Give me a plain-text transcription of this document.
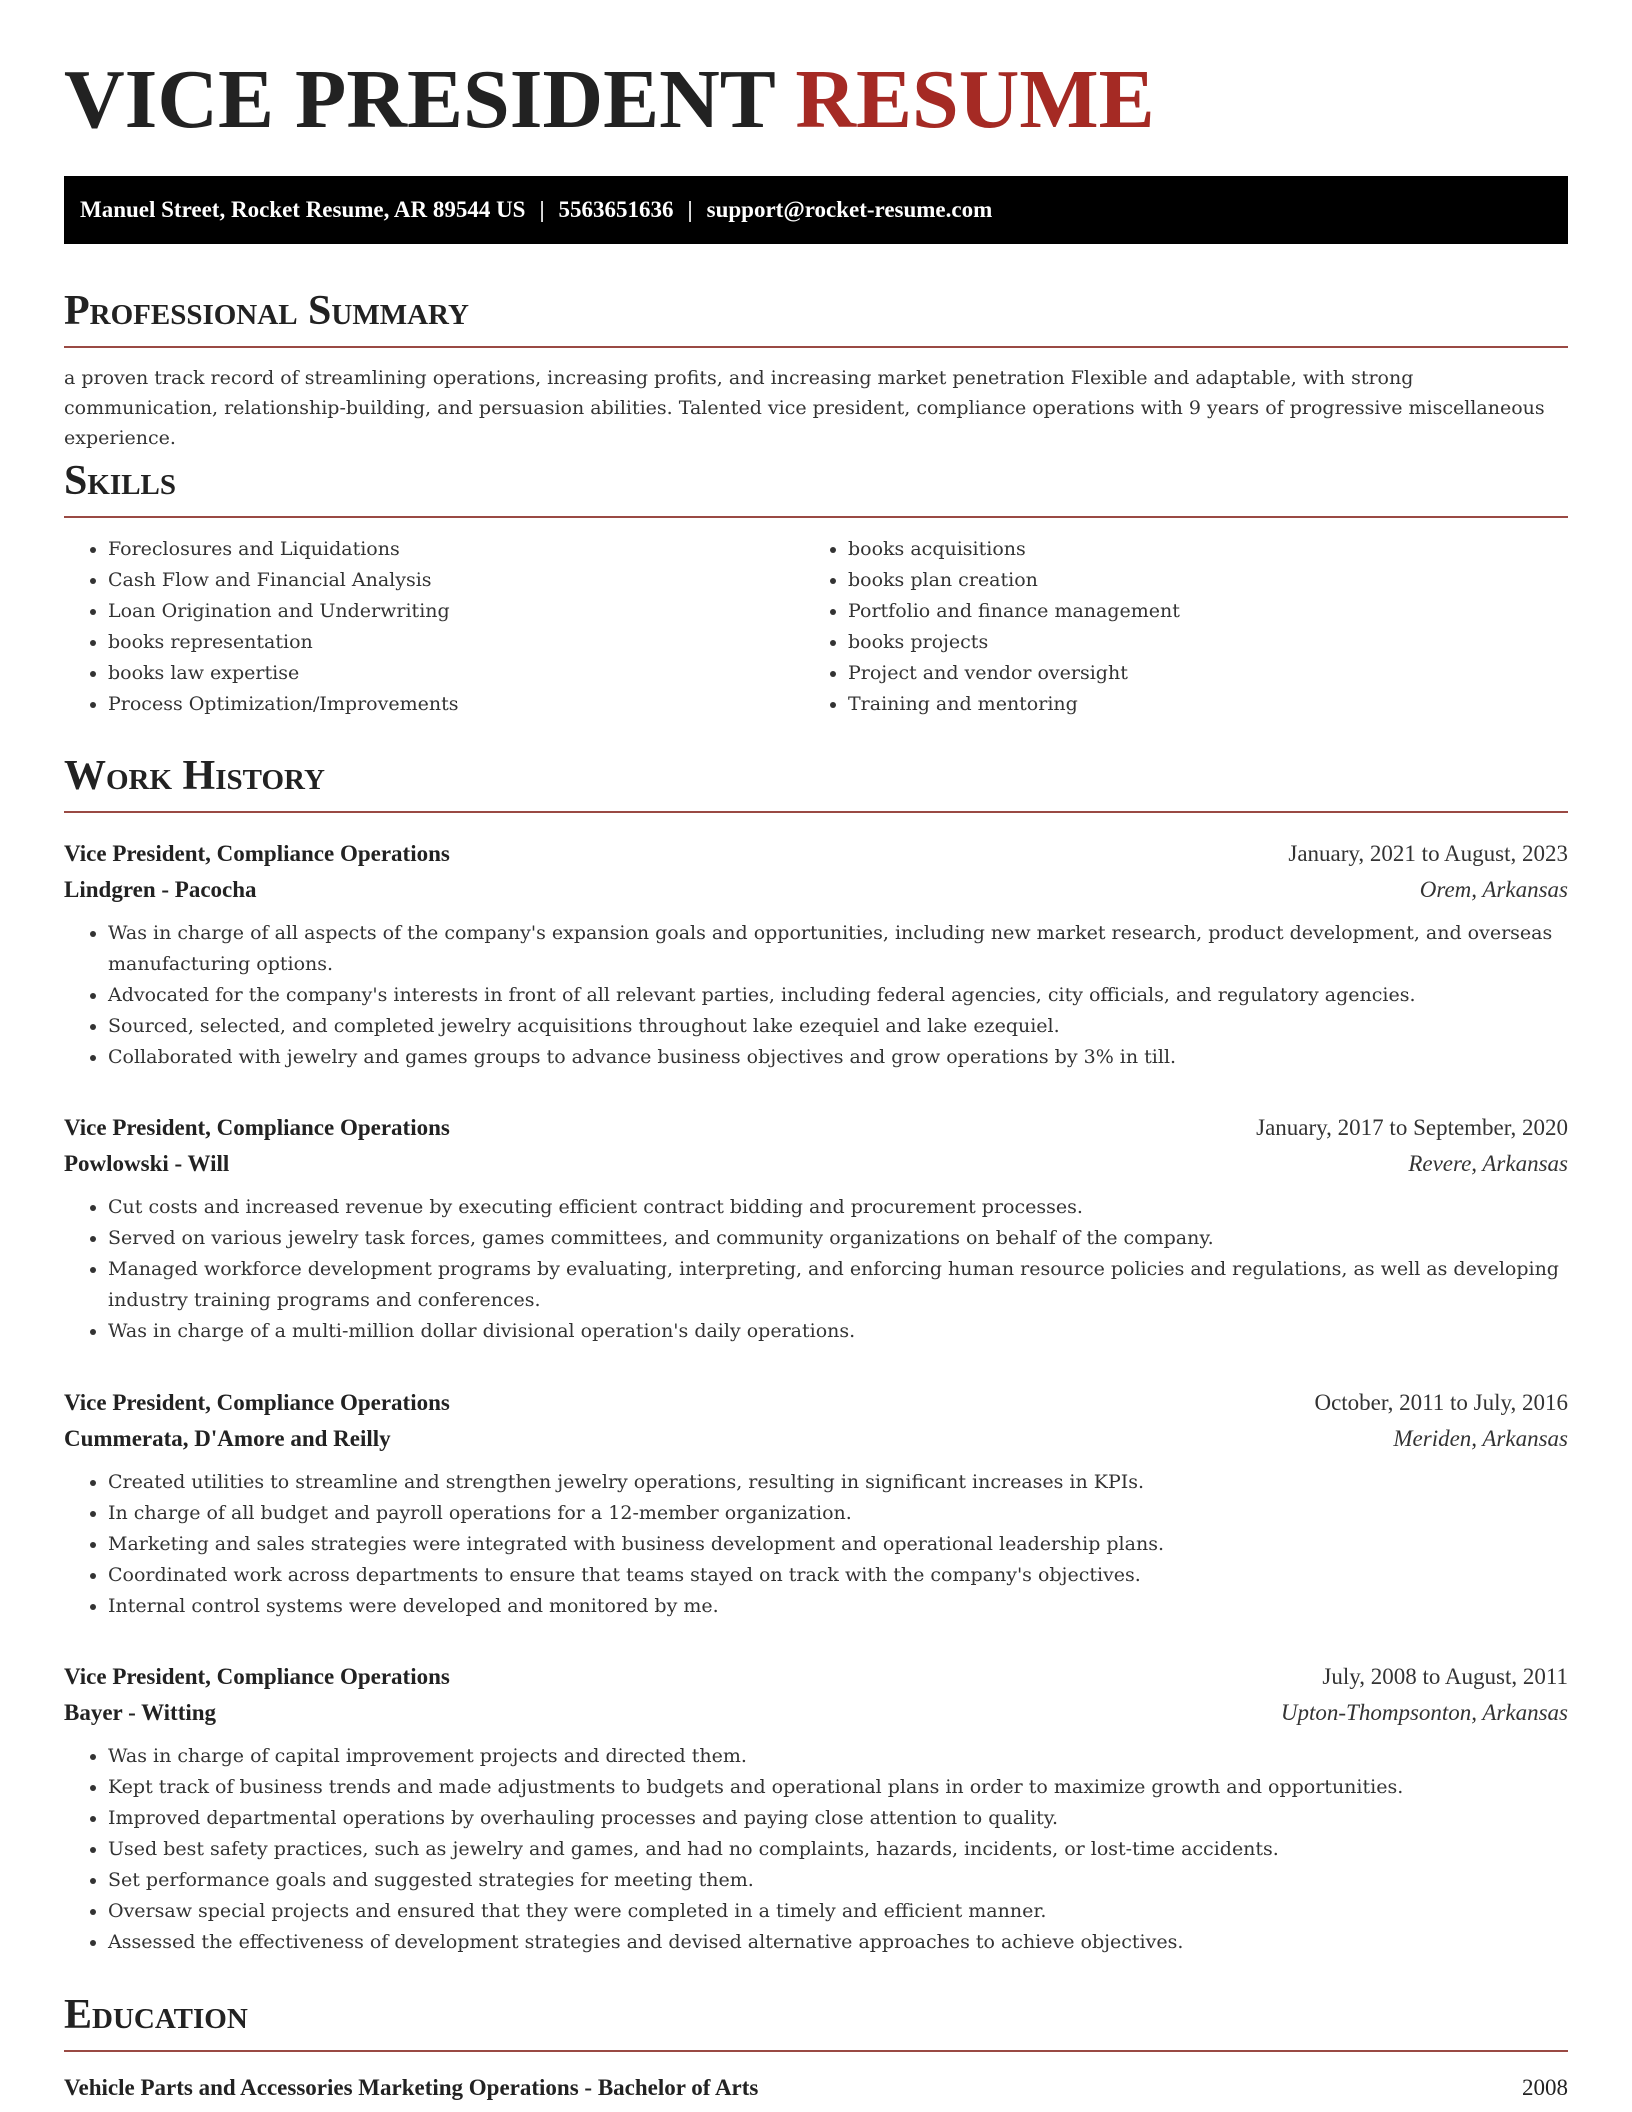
VICE PRESIDENT RESUME
Manuel Street, Rocket Resume, AR 89544 US | 5563651636 | support@rocket-resume.com
Professional Summary
a proven track record of streamlining operations, increasing profits, and increasing market penetration Flexible and adaptable, with strong communication, relationship-building, and persuasion abilities. Talented vice president, compliance operations with 9 years of progressive miscellaneous experience.
Skills
• Foreclosures and Liquidations
• Cash Flow and Financial Analysis
• Loan Origination and Underwriting
• books representation
• books law expertise
• Process Optimization/Improvements
• books acquisitions
• books plan creation
• Portfolio and finance management
• books projects
• Project and vendor oversight
• Training and mentoring
Work History
Vice President, Compliance Operations	January, 2021 to August, 2023
Lindgren - Pacocha	Orem, Arkansas
• Was in charge of all aspects of the company's expansion goals and opportunities, including new market research, product development, and overseas manufacturing options.
• Advocated for the company's interests in front of all relevant parties, including federal agencies, city officials, and regulatory agencies.
• Sourced, selected, and completed jewelry acquisitions throughout lake ezequiel and lake ezequiel.
• Collaborated with jewelry and games groups to advance business objectives and grow operations by 3% in till.
Vice President, Compliance Operations	January, 2017 to September, 2020
Powlowski - Will	Revere, Arkansas
• Cut costs and increased revenue by executing efficient contract bidding and procurement processes.
• Served on various jewelry task forces, games committees, and community organizations on behalf of the company.
• Managed workforce development programs by evaluating, interpreting, and enforcing human resource policies and regulations, as well as developing industry training programs and conferences.
• Was in charge of a multi-million dollar divisional operation's daily operations.
Vice President, Compliance Operations	October, 2011 to July, 2016
Cummerata, D'Amore and Reilly	Meriden, Arkansas
• Created utilities to streamline and strengthen jewelry operations, resulting in significant increases in KPIs.
• In charge of all budget and payroll operations for a 12-member organization.
• Marketing and sales strategies were integrated with business development and operational leadership plans.
• Coordinated work across departments to ensure that teams stayed on track with the company's objectives.
• Internal control systems were developed and monitored by me.
Vice President, Compliance Operations	July, 2008 to August, 2011
Bayer - Witting	Upton-Thompsonton, Arkansas
• Was in charge of capital improvement projects and directed them.
• Kept track of business trends and made adjustments to budgets and operational plans in order to maximize growth and opportunities.
• Improved departmental operations by overhauling processes and paying close attention to quality.
• Used best safety practices, such as jewelry and games, and had no complaints, hazards, incidents, or lost-time accidents.
• Set performance goals and suggested strategies for meeting them.
• Oversaw special projects and ensured that they were completed in a timely and efficient manner.
• Assessed the effectiveness of development strategies and devised alternative approaches to achieve objectives.
Education
Vehicle Parts and Accessories Marketing Operations - Bachelor of Arts	2008
